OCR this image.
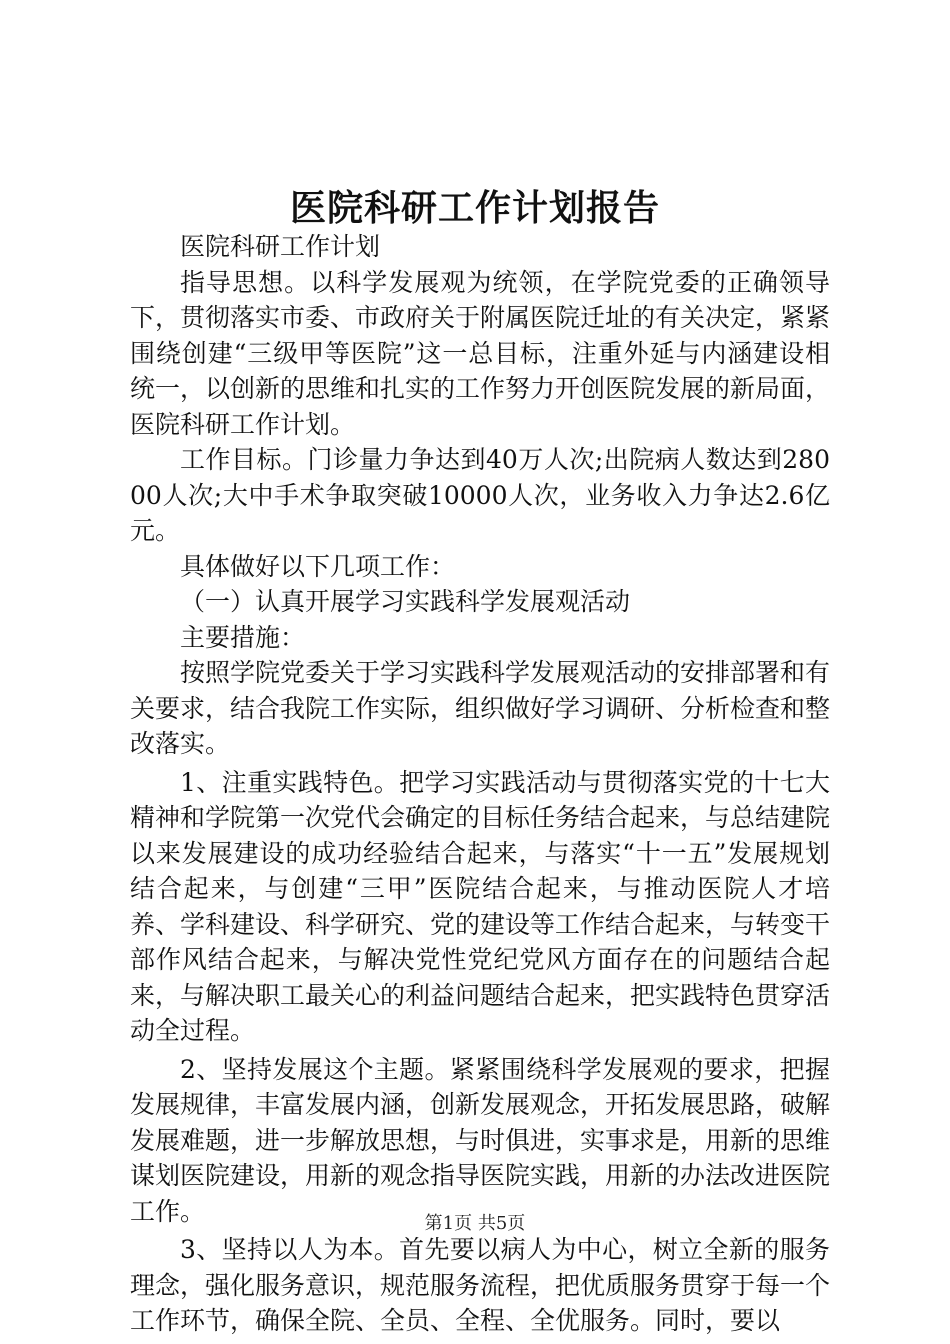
医院科研工作计划报告

医院科研工作计划

指导思想。以科学发展观为统领，在学院党委的正确领导下，贯彻落实市委、市政府关于附属医院迁址的有关决定，紧紧围绕创建“三级甲等医院”这一总目标，注重外延与内涵建设相统一，以创新的思维和扎实的工作努力开创医院发展的新局面，医院科研工作计划。

工作目标。门诊量力争达到40万人次;出院病人数达到28000人次;大中手术争取突破10000人次，业务收入力争达2.6亿元。

具体做好以下几项工作：

（一）认真开展学习实践科学发展观活动

主要措施：

按照学院党委关于学习实践科学发展观活动的安排部署和有关要求，结合我院工作实际，组织做好学习调研、分析检查和整改落实。

1、注重实践特色。把学习实践活动与贯彻落实党的十七大精神和学院第一次党代会确定的目标任务结合起来，与总结建院以来发展建设的成功经验结合起来，与落实“十一五”发展规划结合起来，与创建“三甲”医院结合起来，与推动医院人才培养、学科建设、科学研究、党的建设等工作结合起来，与转变干部作风结合起来，与解决党性党纪党风方面存在的问题结合起来，与解决职工最关心的利益问题结合起来，把实践特色贯穿活动全过程。

2、坚持发展这个主题。紧紧围绕科学发展观的要求，把握发展规律，丰富发展内涵，创新发展观念，开拓发展思路，破解发展难题，进一步解放思想，与时俱进，实事求是，用新的思维谋划医院建设，用新的观念指导医院实践，用新的办法改进医院工作。

3、坚持以人为本。首先要以病人为中心，树立全新的服务理念，强化服务意识，规范服务流程，把优质服务贯穿于每一个工作环节，确保全院、全员、全程、全优服务。同时，要以

第1页 共5页
